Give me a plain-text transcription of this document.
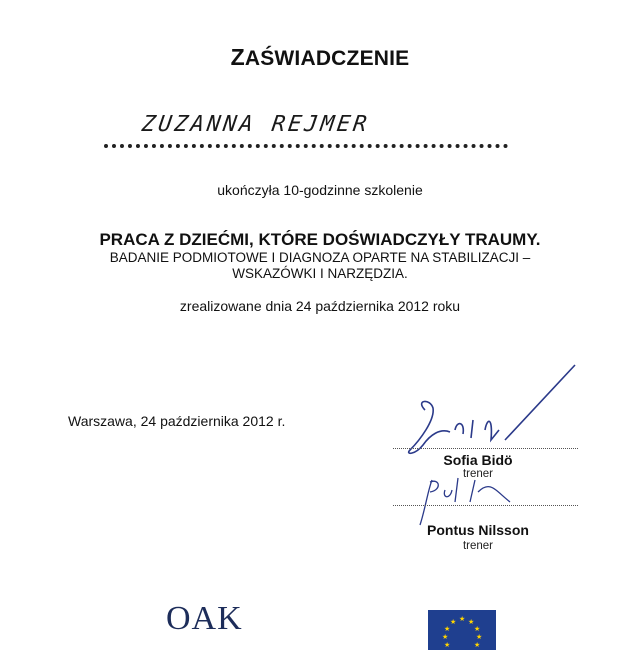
ZAŚWIADCZENIE
ZUZANNA REJMER
ukończyła 10-godzinne szkolenie
PRACA Z DZIEĆMI, KTÓRE DOŚWIADCZYŁY TRAUMY.
BADANIE PODMIOTOWE I DIAGNOZA OPARTE NA STABILIZACJI –
WSKAZÓWKI I NARZĘDZIA.
zrealizowane dnia 24 października 2012 roku
Warszawa, 24 października 2012 r.
Sofia Bidö
trener
Pontus Nilsson
trener
OAK	★
★ ★
★	★
★	★
★	★
